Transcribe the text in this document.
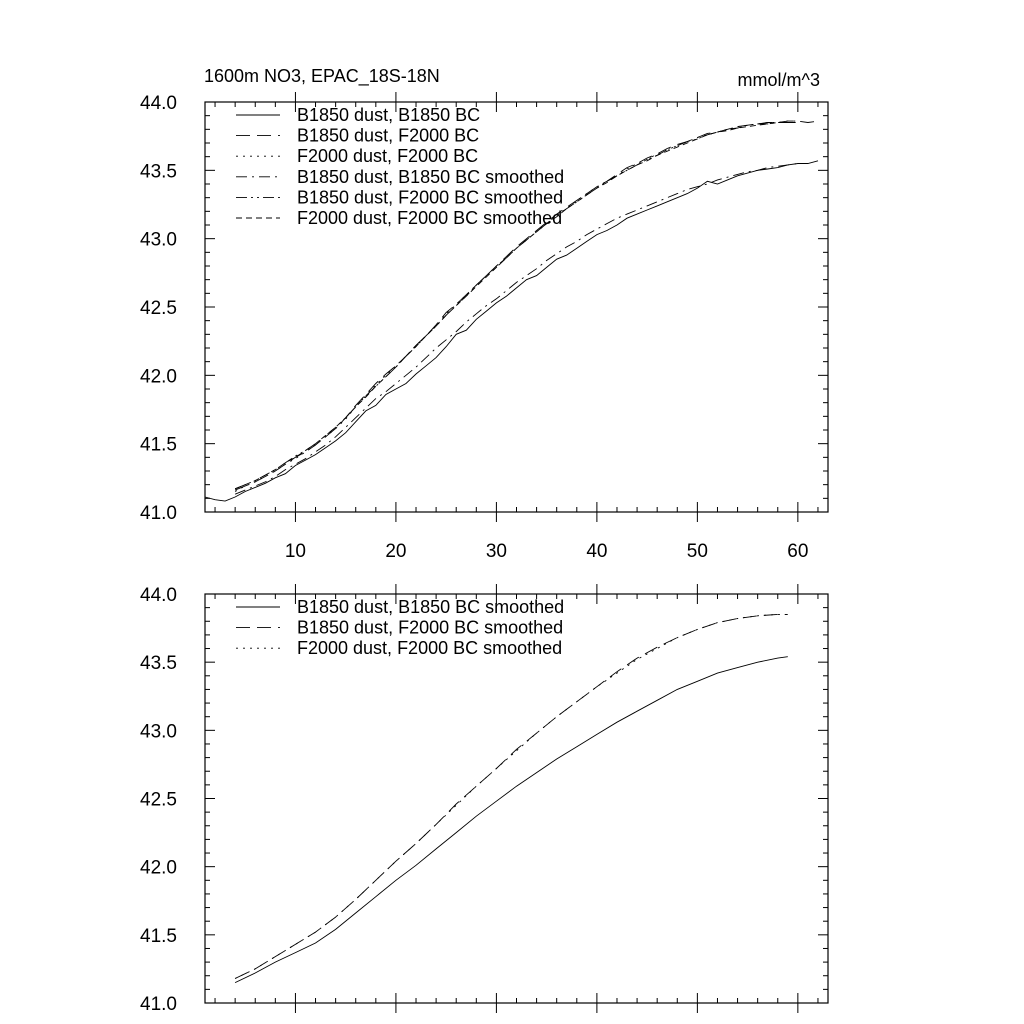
10	20	30	40	50	60
41.0
41.5
42.0
42.5
43.0
43.5
44.0
1600m NO3, EPAC_18S-18N	mmol/m^3
B1850 dust, B1850 BC
B1850 dust, F2000 BC
F2000 dust, F2000 BC
B1850 dust, B1850 BC smoothed
B1850 dust, F2000 BC smoothed
F2000 dust, F2000 BC smoothed
41.0
41.5
42.0
42.5
43.0
43.5
44.0
B1850 dust, B1850 BC smoothed
B1850 dust, F2000 BC smoothed
F2000 dust, F2000 BC smoothed
